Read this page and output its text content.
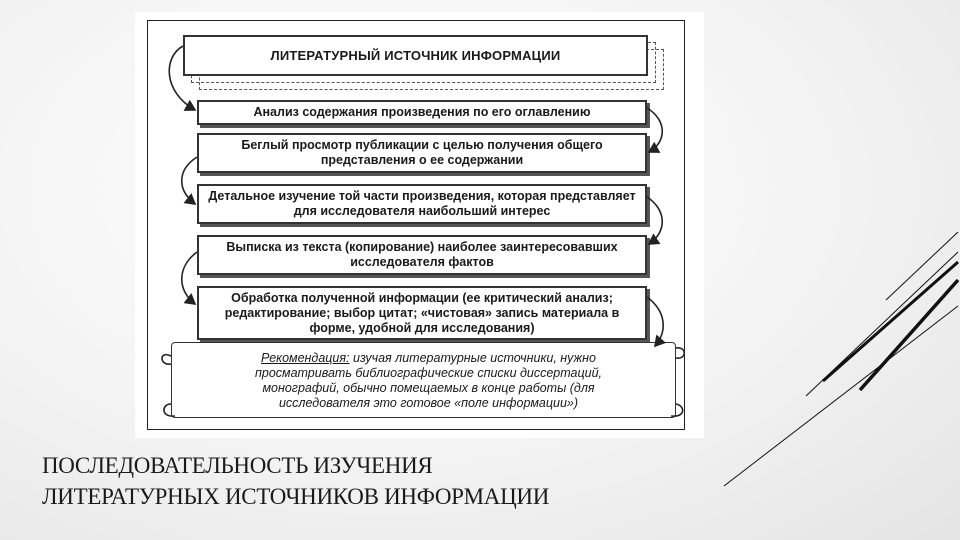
ЛИТЕРАТУРНЫЙ ИСТОЧНИК ИНФОРМАЦИИ
Анализ содержания произведения по его оглавлению
Беглый просмотр публикации с целью получения общего представления о ее содержании
Детальное изучение той части произведения, которая представляет для исследователя наибольший интерес
Выписка из текста (копирование) наиболее заинтересовавших исследователя фактов
Обработка полученной информации (ее критический анализ; редактирование; выбор цитат; «чистовая» запись материала в форме, удобной для исследования)
Рекомендация: изучая литературные источники, нужно просматривать библиографические списки диссертаций, монографий, обычно помещаемых в конце работы (для исследователя это готовое «поле информации»)
ПОСЛЕДОВАТЕЛЬНОСТЬ ИЗУЧЕНИЯ
ЛИТЕРАТУРНЫХ ИСТОЧНИКОВ ИНФОРМАЦИИ
